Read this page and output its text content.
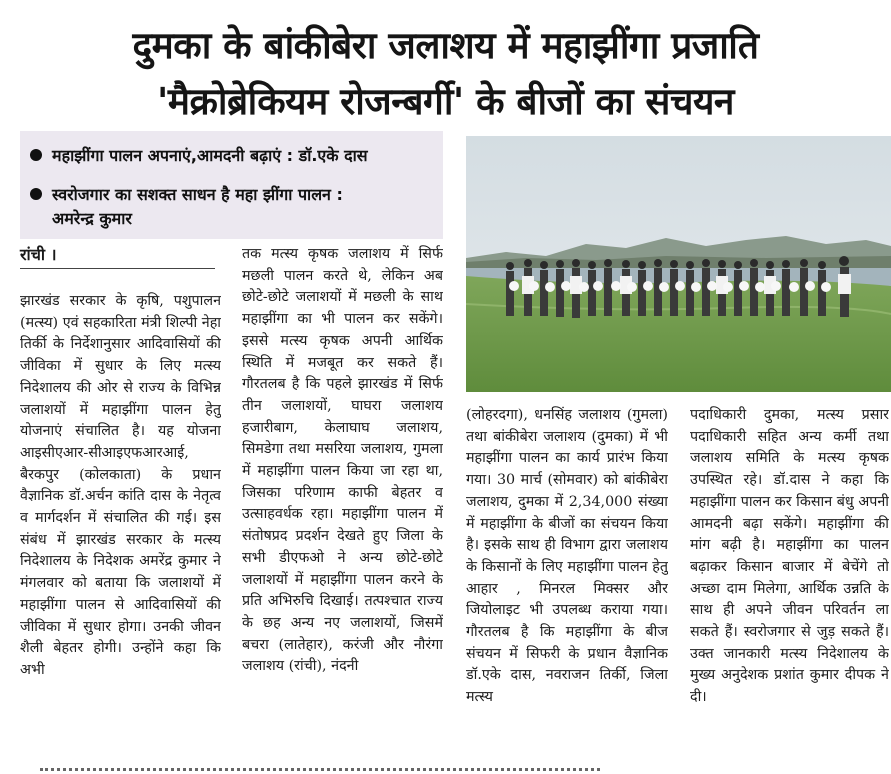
दुमका के बांकीबेरा जलाशय में महाझींगा प्रजाति
'मैक्रोब्रेकियम रोजन्बर्गी' के बीजों का संचयन
महाझींगा पालन अपनाएं,आमदनी बढ़ाएं : डॉ.एके दास
स्वरोजगार का सशक्त साधन है महा झींगा पालन :
अमरेन्द्र कुमार
रांची ।
झारखंड सरकार के कृषि, पशुपालन (मत्स्य) एवं सहकारिता मंत्री शिल्पी नेहा तिर्की के निर्देशानुसार आदिवासियों की जीविका में सुधार के लिए मत्स्य निदेशालय की ओर से राज्य के विभिन्न जलाशयों में महाझींगा पालन हेतु योजनाएं संचालित है। यह योजना आइसीएआर-सीआइएफआरआई, बैरकपुर (कोलकाता) के प्रधान वैज्ञानिक डॉ.अर्चन कांति दास के नेतृत्व व मार्गदर्शन में संचालित की गई। इस संबंध में झारखंड सरकार के मत्स्य निदेशालय के निदेशक अमरेंद्र कुमार ने मंगलवार को बताया कि जलाशयों में महाझींगा पालन से आदिवासियों की जीविका में सुधार होगा। उनकी जीवन शैली बेहतर होगी। उन्होंने कहा कि अभी
तक मत्स्य कृषक जलाशय में सिर्फ मछली पालन करते थे, लेकिन अब छोटे-छोटे जलाशयों में मछली के साथ महाझींगा का भी पालन कर सकेंगे। इससे मत्स्य कृषक अपनी आर्थिक स्थिति में मजबूत कर सकते हैं। गौरतलब है कि पहले झारखंड में सिर्फ तीन जलाशयों, घाघरा जलाशय हजारीबाग, केलाघाघ जलाशय, सिमडेगा तथा मसरिया जलाशय, गुमला में महाझींगा पालन किया जा रहा था, जिसका परिणाम काफी बेहतर व उत्साहवर्धक रहा। महाझींगा पालन में संतोषप्रद प्रदर्शन देखते हुए जिला के सभी डीएफओ ने अन्य छोटे-छोटे जलाशयों में महाझींगा पालन करने के प्रति अभिरुचि दिखाई। तत्पश्चात राज्य के छह अन्य नए जलाशयों, जिसमें बचरा (लातेहार), करंजी और नौरंगा जलाशय (रांची), नंदनी
(लोहरदगा), धनसिंह जलाशय (गुमला) तथा बांकीबेरा जलाशय (दुमका) में भी महाझींगा पालन का कार्य प्रारंभ किया गया। 30 मार्च (सोमवार) को बांकीबेरा जलाशय, दुमका में 2,34,000 संख्या में महाझींगा के बीजों का संचयन किया है। इसके साथ ही विभाग द्वारा जलाशय के किसानों के लिए महाझींगा पालन हेतु आहार , मिनरल मिक्सर और जियोलाइट भी उपलब्ध कराया गया। गौरतलब है कि महाझींगा के बीज संचयन में सिफरी के प्रधान वैज्ञानिक डॉ.एके दास, नवराजन तिर्की, जिला मत्स्य
पदाधिकारी दुमका, मत्स्य प्रसार पदाधिकारी सहित अन्य कर्मी तथा जलाशय समिति के मत्स्य कृषक उपस्थित रहे। डॉ.दास ने कहा कि महाझींगा पालन कर किसान बंधु अपनी आमदनी बढ़ा सकेंगे। महाझींगा की मांग बढ़ी है। महाझींगा का पालन बढ़ाकर किसान बाजार में बेचेंगे तो अच्छा दाम मिलेगा, आर्थिक उन्नति के साथ ही अपने जीवन परिवर्तन ला सकते हैं। स्वरोजगार से जुड़ सकते हैं। उक्त जानकारी मत्स्य निदेशालय के मुख्य अनुदेशक प्रशांत कुमार दीपक ने दी।
